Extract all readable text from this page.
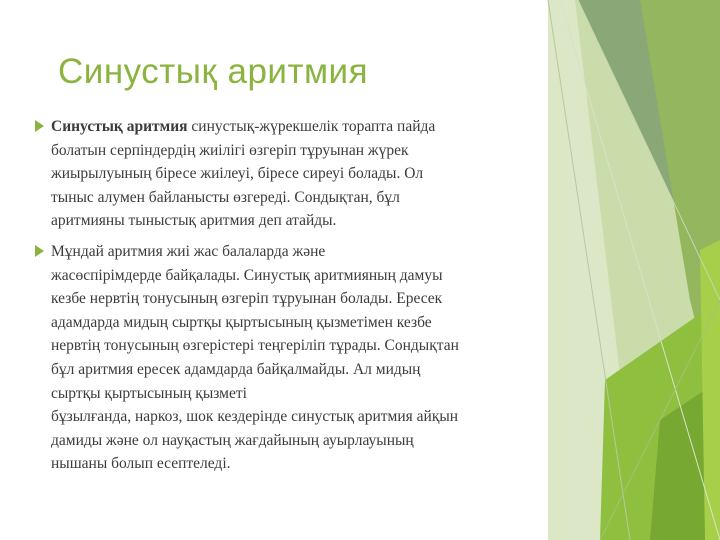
Синустық аритмия
Синустық аритмия синустық-жүрекшелік торапта пайда
болатын серпіндердің жиілігі өзгеріп тұруынан жүрек
жиырылуының біресе жиілеуі, біресе сиреуі болады. Ол
тыныс алумен байланысты өзгереді. Сондықтан, бұл
аритмияны тыныстық аритмия деп атайды.
Мұндай аритмия жиі жас балаларда және
жасөспірімдерде байқалады. Синустық аритмияның дамуы
кезбе нервтің тонусының өзгеріп тұруынан болады. Ересек
адамдарда мидың сыртқы қыртысының қызметімен кезбе
нервтің тонусының өзгерістері теңгеріліп тұрады. Сондықтан
бұл аритмия ересек адамдарда байқалмайды. Ал мидың
сыртқы қыртысының қызметі
бұзылғанда, наркоз, шок кездерінде синустық аритмия айқын
дамиды және ол науқастың жағдайының ауырлауының
нышаны болып есептеледі.
